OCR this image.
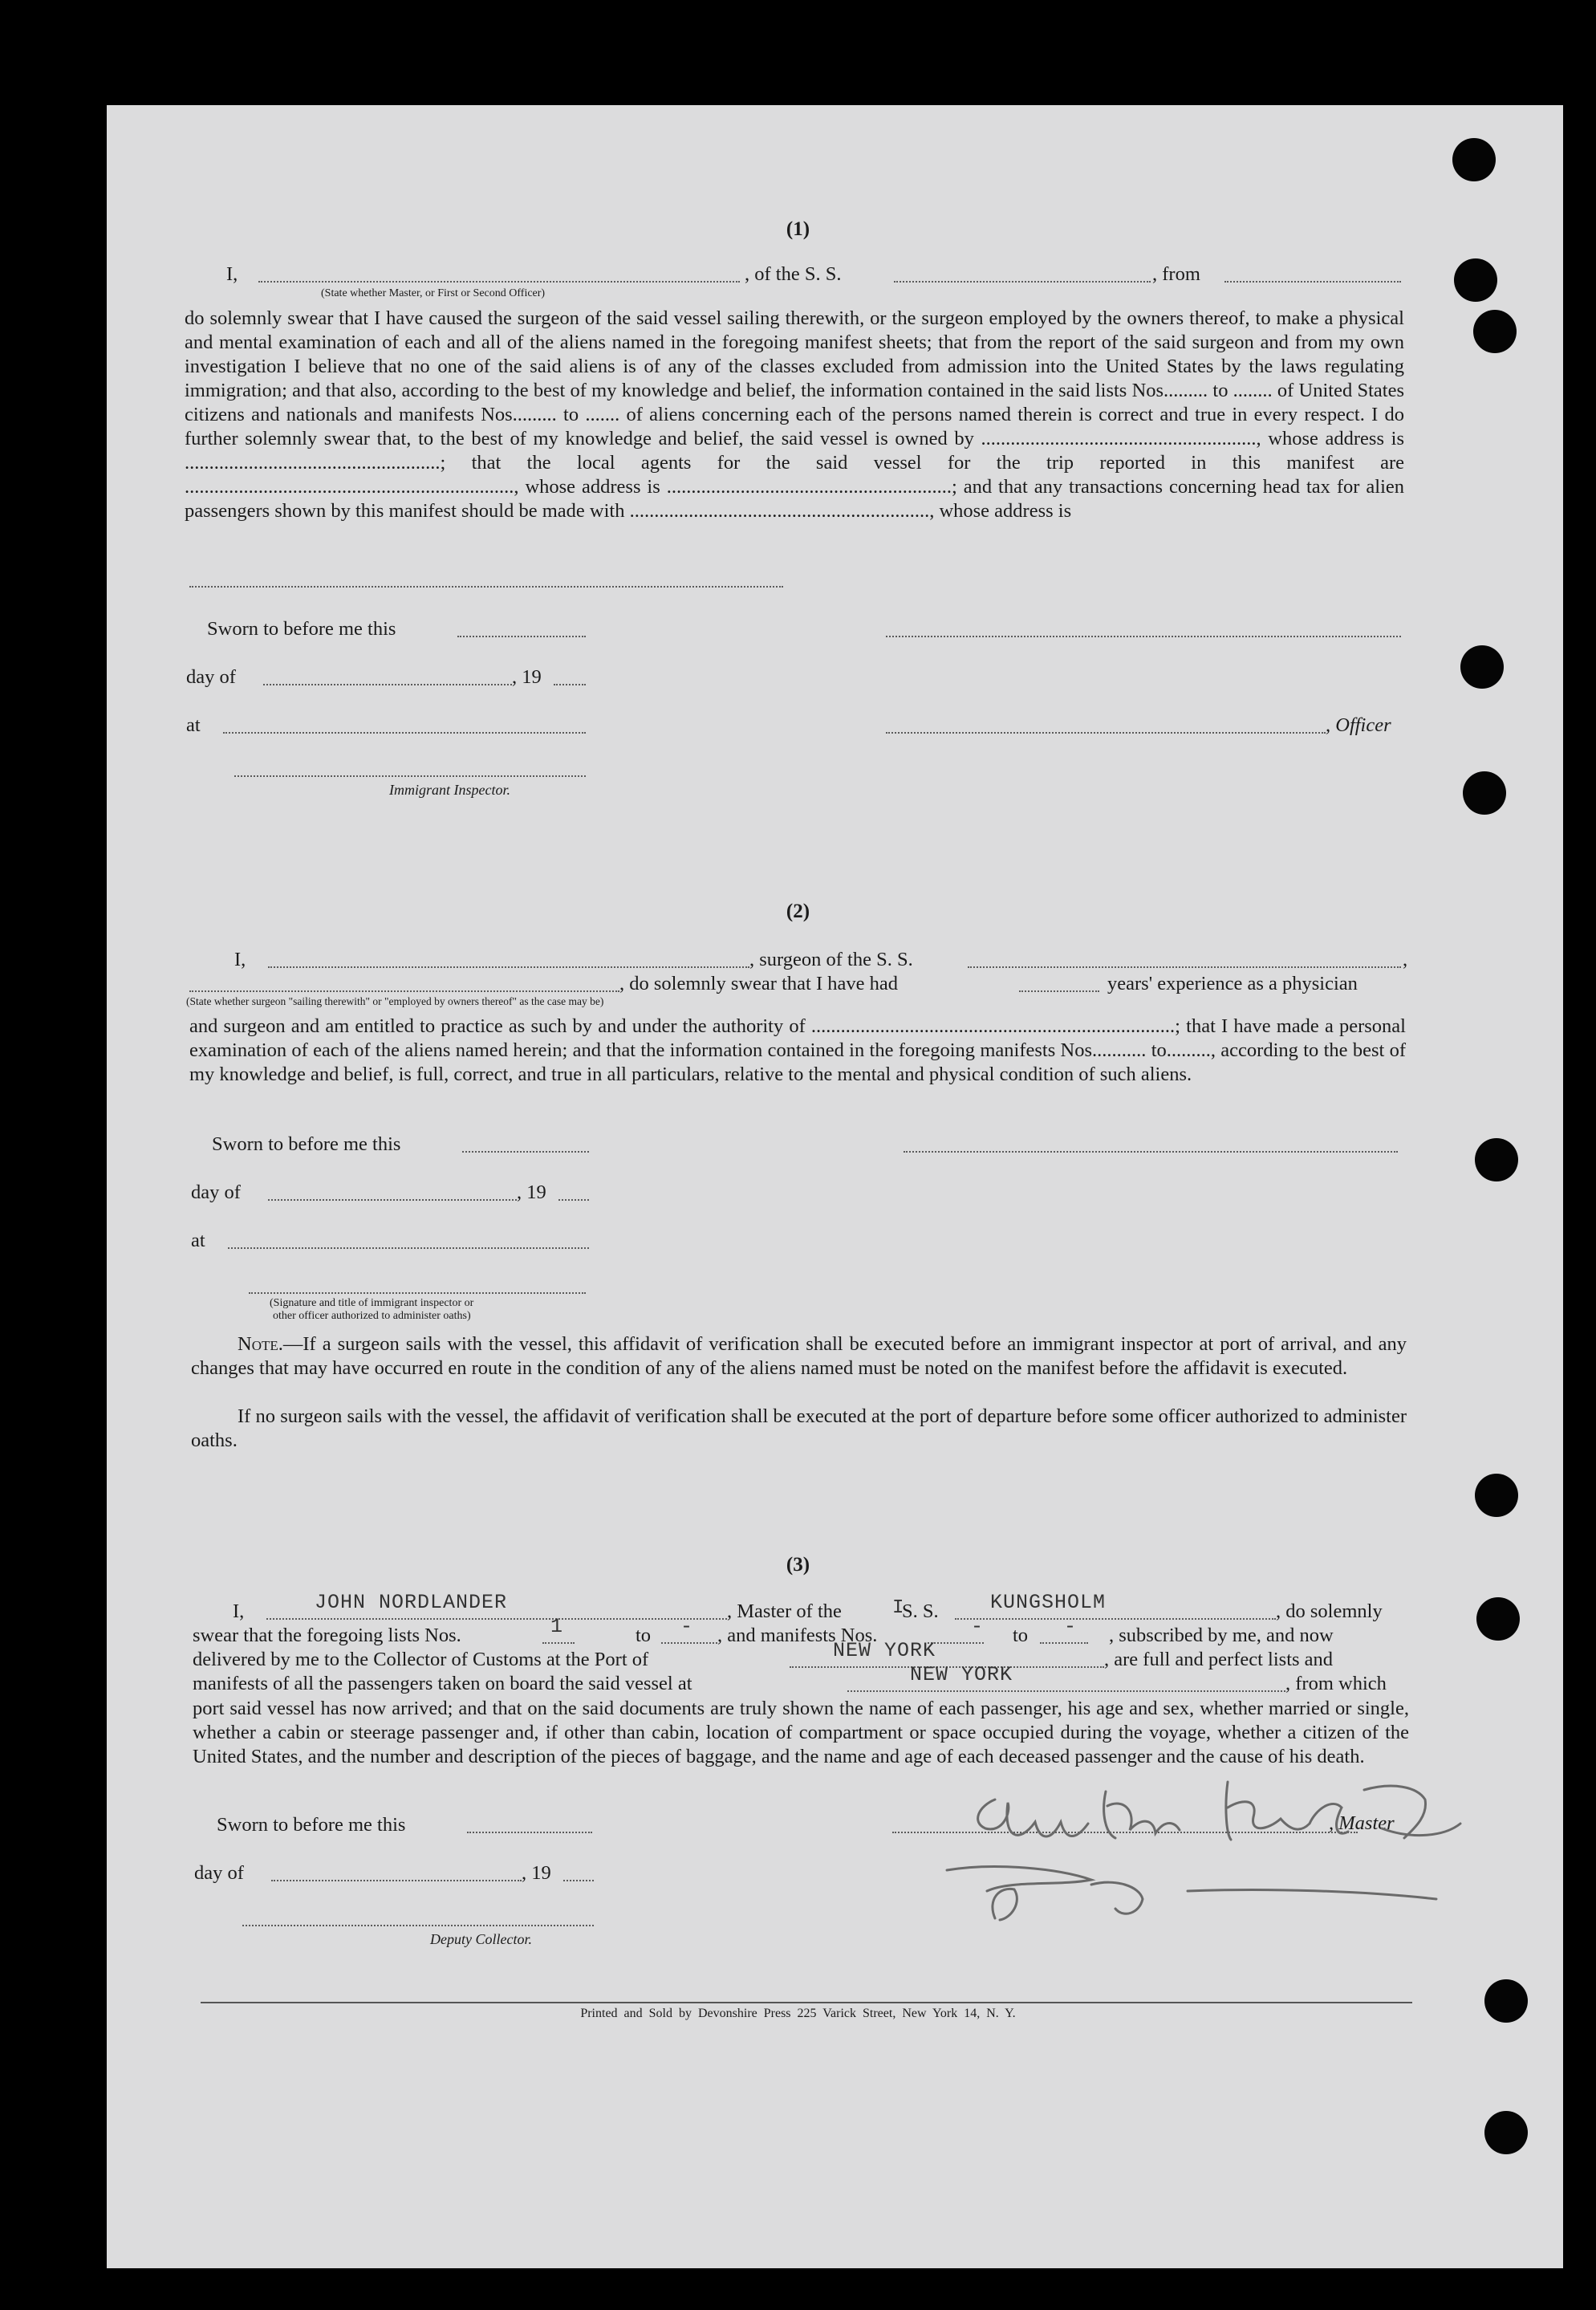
(1)
I,
(State whether Master, or First or Second Officer)
, of the S. S.	, from
do solemnly swear that I have caused the surgeon of the said vessel sailing therewith, or the surgeon employed by the owners thereof, to make a physical and mental examination of each and all of the aliens named in the foregoing manifest sheets; that from the report of the said surgeon and from my own investigation I believe that no one of the said aliens is of any of the classes excluded from admission into the United States by the laws regulating immigration; and that also, according to the best of my knowledge and belief, the information contained in the said lists Nos......... to ........ of United States citizens and nationals and manifests Nos......... to ....... of aliens concerning each of the persons named therein is correct and true in every respect. I do further solemnly swear that, to the best of my knowledge and belief, the said vessel is owned by ........................................................, whose address is ....................................................; that the local agents for the said vessel for the trip reported in this manifest are ..................................................................., whose address is ..........................................................; and that any transactions concerning head tax for alien passengers shown by this manifest should be made with ............................................................., whose address is
Sworn to before me this
day of	, 19
at	, Officer
Immigrant Inspector.
(2)
I,	, surgeon of the S. S.	,
, do solemnly swear that I have had	years' experience as a physician
(State whether surgeon "sailing therewith" or "employed by owners thereof" as the case may be)
and surgeon and am entitled to practice as such by and under the authority of ..........................................................................; that I have made a personal examination of each of the aliens named herein; and that the information contained in the foregoing manifests Nos........... to........., according to the best of my knowledge and belief, is full, correct, and true in all particulars, relative to the mental and physical condition of such aliens.
Sworn to before me this
day of	, 19
at
(Signature and title of immigrant inspector or
other officer authorized to administer oaths)
Note.—If a surgeon sails with the vessel, this affidavit of verification shall be executed before an immigrant inspector at port of arrival, and any changes that may have occurred en route in the condition of any of the aliens named must be noted on the manifest before the affidavit is executed.
If no surgeon sails with the vessel, the affidavit of verification shall be executed at the port of departure before some officer authorized to administer oaths.
(3)
I,	JOHN NORDLANDER	, Master of the	I
S. S.	KUNGSHOLM	, do solemnly
swear that the foregoing lists Nos.	1	to - , and manifests Nos.	- to - , subscribed by me, and now
delivered by me to the Collector of Customs at the Port of	NEW YORK	, are full and perfect lists and
manifests of all the passengers taken on board the said vessel at	NEW YORK	, from which
port said vessel has now arrived; and that on the said documents are truly shown the name of each passenger, his age and sex, whether married or single, whether a cabin or steerage passenger and, if other than cabin, location of compartment or space occupied during the voyage, whether a citizen of the United States, and the number and description of the pieces of baggage, and the name and age of each deceased passenger and the cause of his death.
Sworn to before me this	, Master
day of	, 19
Deputy Collector.
Printed and Sold by Devonshire Press 225 Varick Street, New York 14, N. Y.
